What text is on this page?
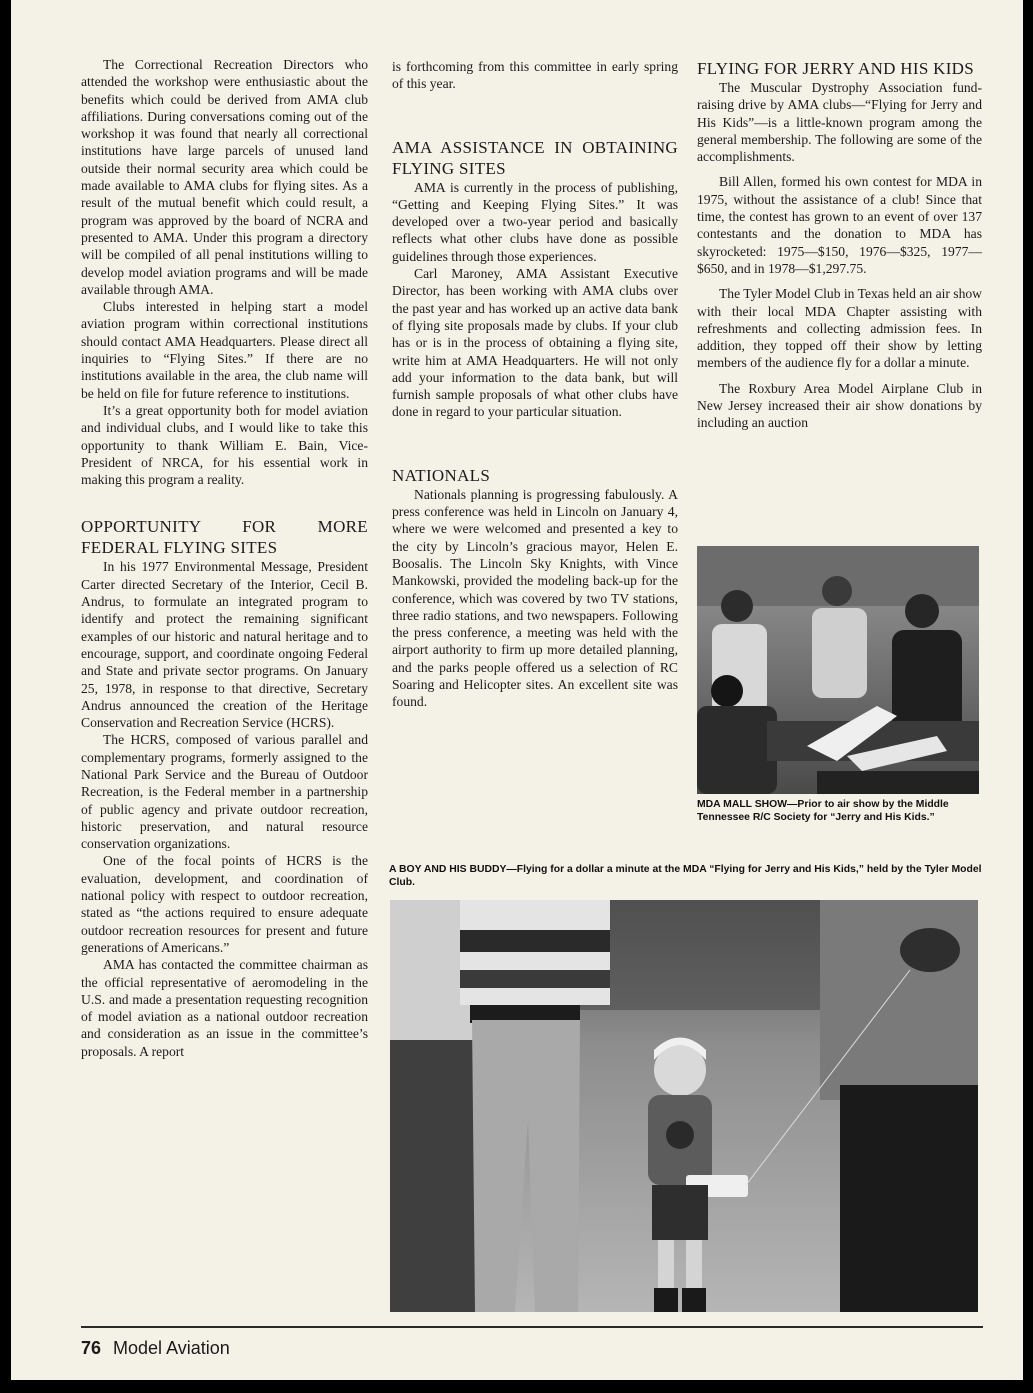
The Correctional Recreation Directors who attended the workshop were enthusiastic about the benefits which could be derived from AMA club affiliations. During conversations coming out of the workshop it was found that nearly all correctional institutions have large parcels of unused land outside their normal security area which could be made available to AMA clubs for flying sites. As a result of the mutual benefit which could result, a program was approved by the board of NCRA and presented to AMA. Under this program a directory will be compiled of all penal institutions willing to develop model aviation programs and will be made available through AMA.

Clubs interested in helping start a model aviation program within correctional institutions should contact AMA Headquarters. Please direct all inquiries to “Flying Sites.” If there are no institutions available in the area, the club name will be held on file for future reference to institutions.

It’s a great opportunity both for model aviation and individual clubs, and I would like to take this opportunity to thank William E. Bain, Vice-President of NRCA, for his essential work in making this program a reality.

OPPORTUNITY FOR MORE FEDERAL FLYING SITES

In his 1977 Environmental Message, President Carter directed Secretary of the Interior, Cecil B. Andrus, to formulate an integrated program to identify and protect the remaining significant examples of our historic and natural heritage and to encourage, support, and coordinate ongoing Federal and State and private sector programs. On January 25, 1978, in response to that directive, Secretary Andrus announced the creation of the Heritage Conservation and Recreation Service (HCRS).

The HCRS, composed of various parallel and complementary programs, formerly assigned to the National Park Service and the Bureau of Outdoor Recreation, is the Federal member in a partnership of public agency and private outdoor recreation, historic preservation, and natural resource conservation organizations.

One of the focal points of HCRS is the evaluation, development, and coordination of national policy with respect to outdoor recreation, stated as “the actions required to ensure adequate outdoor recreation resources for present and future generations of Americans.”

AMA has contacted the committee chairman as the official representative of aeromodeling in the U.S. and made a presentation requesting recognition of model aviation as a national outdoor recreation and consideration as an issue in the committee’s proposals. A report

is forthcoming from this committee in early spring of this year.

AMA ASSISTANCE IN OBTAINING FLYING SITES

AMA is currently in the process of publishing, “Getting and Keeping Flying Sites.” It was developed over a two-year period and basically reflects what other clubs have done as possible guidelines through those experiences.

Carl Maroney, AMA Assistant Executive Director, has been working with AMA clubs over the past year and has worked up an active data bank of flying site proposals made by clubs. If your club has or is in the process of obtaining a flying site, write him at AMA Headquarters. He will not only add your information to the data bank, but will furnish sample proposals of what other clubs have done in regard to your particular situation.

NATIONALS

Nationals planning is progressing fabulously. A press conference was held in Lincoln on January 4, where we were welcomed and presented a key to the city by Lincoln’s gracious mayor, Helen E. Boosalis. The Lincoln Sky Knights, with Vince Mankowski, provided the modeling back-up for the conference, which was covered by two TV stations, three radio stations, and two newspapers. Following the press conference, a meeting was held with the airport authority to firm up more detailed planning, and the parks people offered us a selection of RC Soaring and Helicopter sites. An excellent site was found.

FLYING FOR JERRY AND HIS KIDS

The Muscular Dystrophy Association fund-raising drive by AMA clubs—“Flying for Jerry and His Kids”—is a little-known program among the general membership. The following are some of the accomplishments.

Bill Allen, formed his own contest for MDA in 1975, without the assistance of a club! Since that time, the contest has grown to an event of over 137 contestants and the donation to MDA has skyrocketed: 1975—$150, 1976—$325, 1977—$650, and in 1978—$1,297.75.

The Tyler Model Club in Texas held an air show with their local MDA Chapter assisting with refreshments and collecting admission fees. In addition, they topped off their show by letting members of the audience fly for a dollar a minute.

The Roxbury Area Model Airplane Club in New Jersey increased their air show donations by including an auction

MDA MALL SHOW—Prior to air show by the Middle Tennessee R/C Society for “Jerry and His Kids.”
A BOY AND HIS BUDDY—Flying for a dollar a minute at the MDA “Flying for Jerry and His Kids,” held by the Tyler Model Club.
76 Model Aviation
